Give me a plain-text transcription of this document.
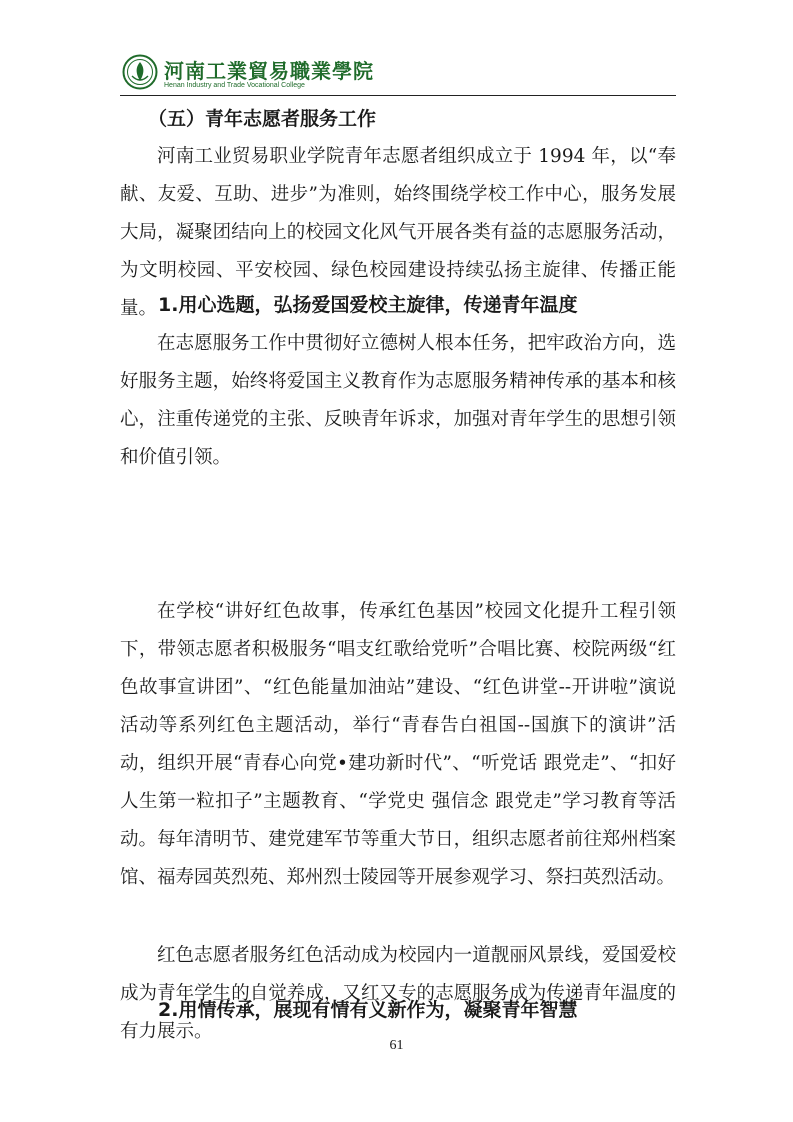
河南工業貿易職業學院
Henan Industry and Trade Vocational College
（五）青年志愿者服务工作

河南工业贸易职业学院青年志愿者组织成立于 1994 年，以“奉献、友爱、互助、进步”为准则，始终围绕学校工作中心，服务发展大局，凝聚团结向上的校园文化风气开展各类有益的志愿服务活动，为文明校园、平安校园、绿色校园建设持续弘扬主旋律、传播正能量。 1.用心选题，弘扬爱国爱校主旋律，传递青年温度

在志愿服务工作中贯彻好立德树人根本任务，把牢政治方向，选好服务主题，始终将爱国主义教育作为志愿服务精神传承的基本和核心，注重传递党的主张、反映青年诉求，加强对青年学生的思想引领和价值引领。

在学校“讲好红色故事，传承红色基因”校园文化提升工程引领下，带领志愿者积极服务“唱支红歌给党听”合唱比赛、校院两级“红色故事宣讲团”、“红色能量加油站”建设、“红色讲堂--开讲啦”演说活动等系列红色主题活动，举行“青春告白祖国--国旗下的演讲”活动，组织开展“青春心向党•建功新时代”、“听党话 跟党走”、“扣好人生第一粒扣子”主题教育、“学党史 强信念 跟党走”学习教育等活动。每年清明节、建党建军节等重大节日，组织志愿者前往郑州档案馆、福寿园英烈苑、郑州烈士陵园等开展参观学习、祭扫英烈活动。

红色志愿者服务红色活动成为校园内一道靓丽风景线，爱国爱校成为青年学生的自觉养成，又红又专的志愿服务成为传递青年温度的有力展示。

2.用情传承，展现有情有义新作为，凝聚青年智慧
61
